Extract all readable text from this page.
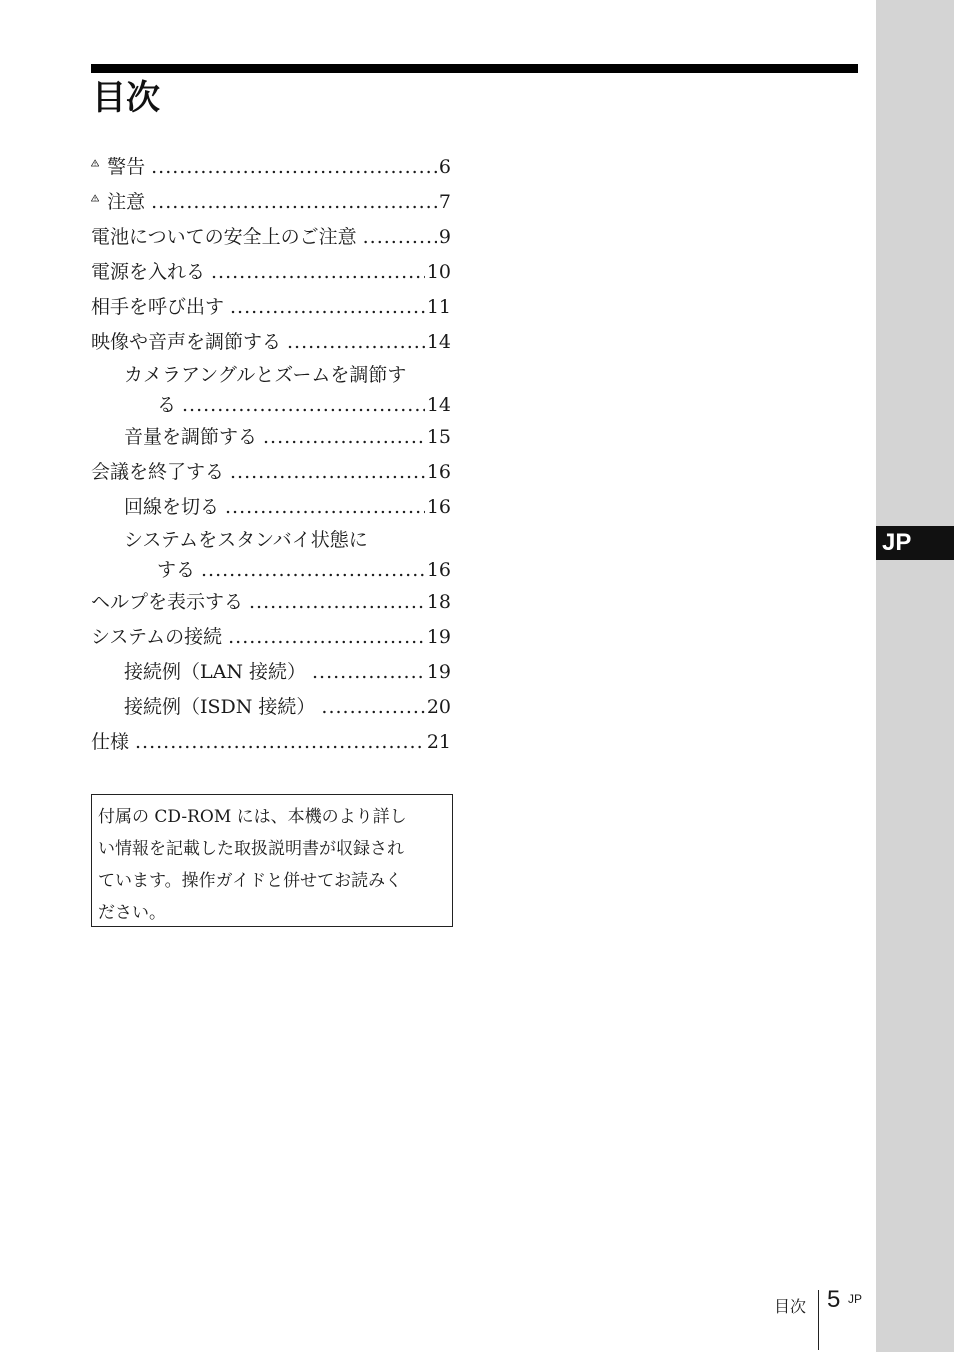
JP
目次
警告 .....	6
注意 .....	7
電池についての安全上のご注意 .....	9
電源を入れる .....	10
相手を呼び出す .....	11
映像や音声を調節する .....	14
カメラアングルとズームを調節す
る .....	14
音量を調節する .....	15
会議を終了する .....	16
回線を切る .....	16
システムをスタンバイ状態に
する .....	16
ヘルプを表示する .....	18
システムの接続 .....	19
接続例（LAN 接続） .....	19
接続例（ISDN 接続） .....	20
仕様 .....	21
付属の CD-ROM には、本機のより詳し
い情報を記載した取扱説明書が収録され
ています。操作ガイドと併せてお読みく
ださい。
目次 5 JP
